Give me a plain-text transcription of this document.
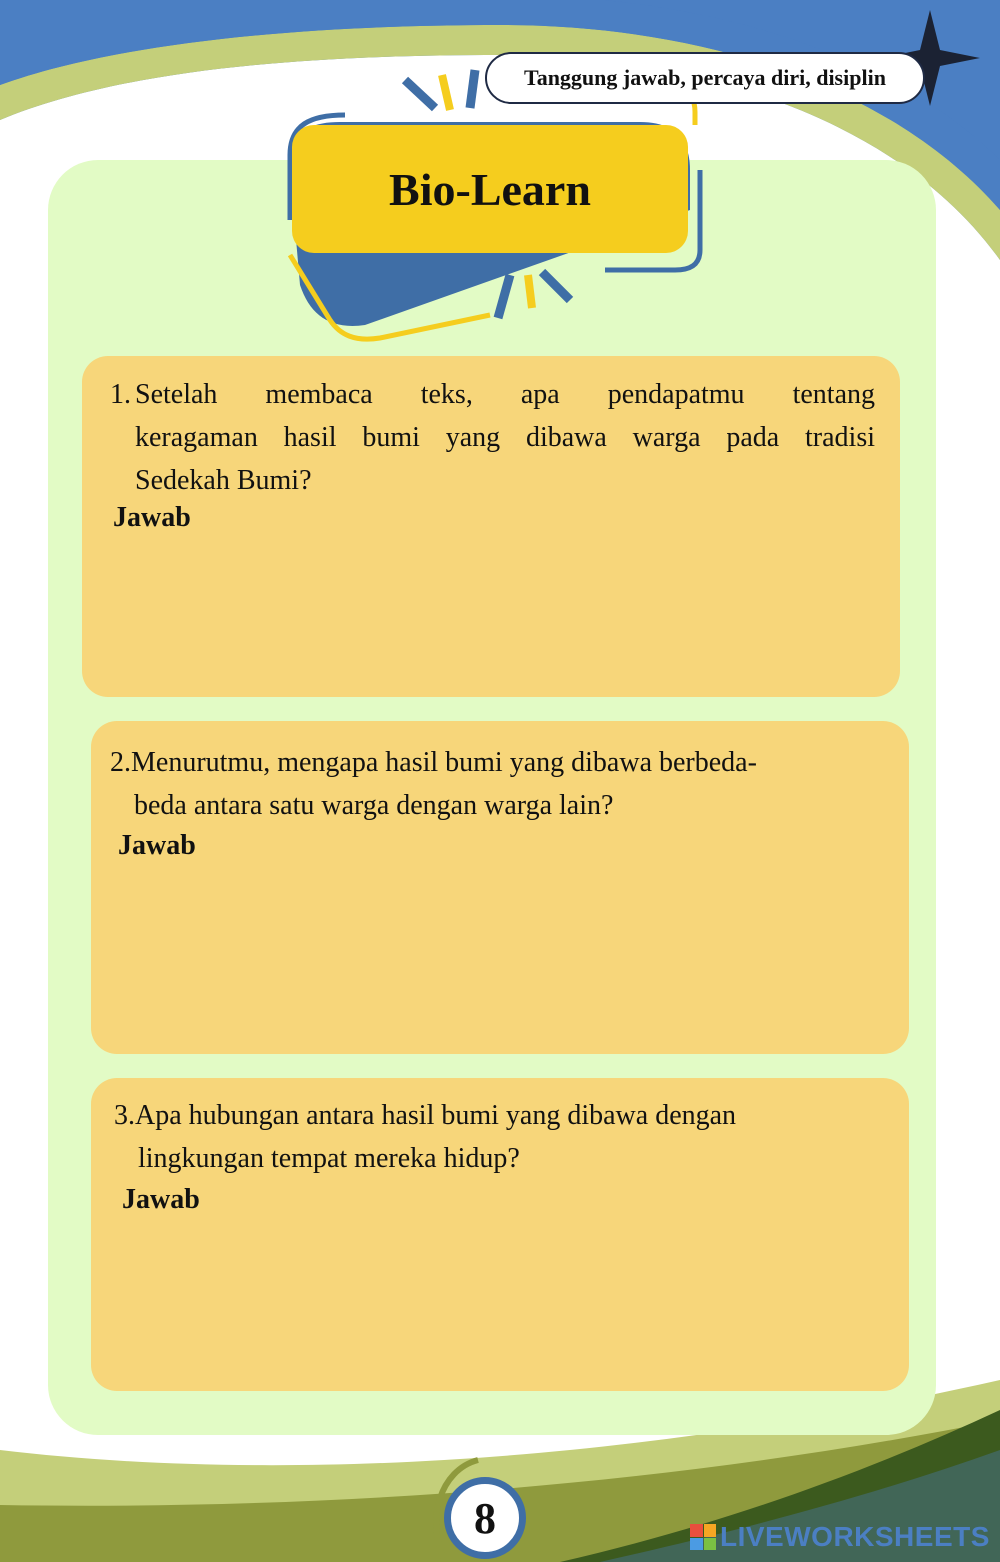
Bio-Learn
Tanggung jawab, percaya diri, disiplin
1. Setelah membaca teks, apa pendapatmu tentang
keragaman hasil bumi yang dibawa warga pada tradisi
Sedekah Bumi?
Jawab
2.Menurutmu, mengapa hasil bumi yang dibawa berbeda-
beda antara satu warga dengan warga lain?
Jawab
3.Apa hubungan antara hasil bumi yang dibawa dengan
lingkungan tempat mereka hidup?
Jawab
8	LIVEWORKSHEETS
